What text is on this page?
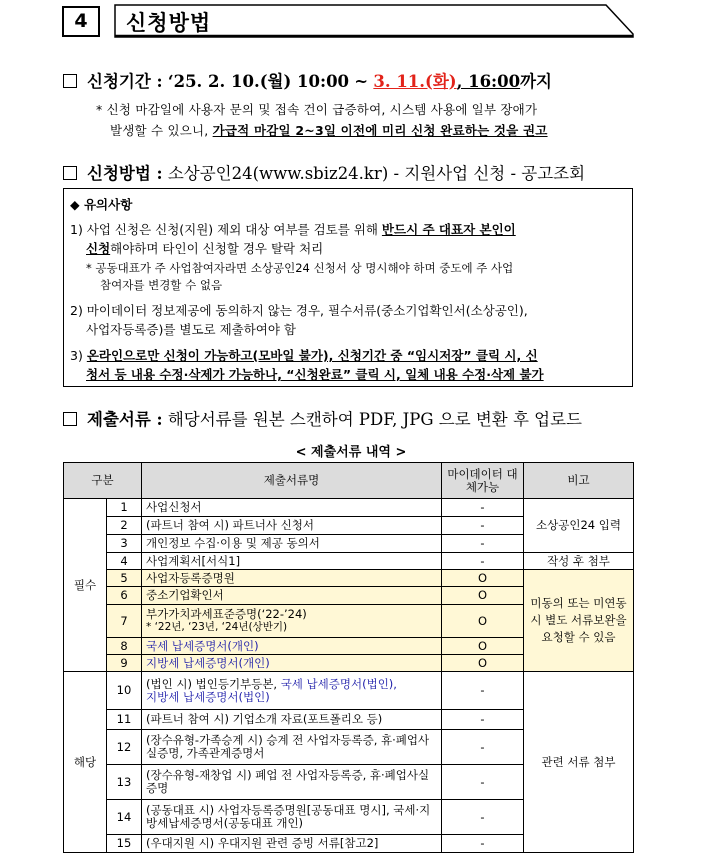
4	신청방법
신청기간 : ‘25. 2. 10.(월) 10:00 ~ 3. 11.(화), 16:00까지
* 신청 마감일에 사용자 문의 및 접속 건이 급증하여, 시스템 사용에 일부 장애가
발생할 수 있으니, 가급적 마감일 2~3일 이전에 미리 신청 완료하는 것을 권고
신청방법 : 소상공인24(www.sbiz24.kr) - 지원사업 신청 - 공고조회
◆ 유의사항
1) 사업 신청은 신청(지원) 제외 대상 여부를 검토를 위해 반드시 주 대표자 본인이
신청해야하며 타인이 신청할 경우 탈락 처리
* 공동대표가 주 사업참여자라면 소상공인24 신청서 상 명시해야 하며 중도에 주 사업
참여자를 변경할 수 없음
2) 마이데이터 정보제공에 동의하지 않는 경우, 필수서류(중소기업확인서(소상공인),
사업자등록증)를 별도로 제출하여야 함
3) 온라인으로만 신청이 가능하고(모바일 불가), 신청기간 중 “임시저장” 클릭 시, 신
청서 등 내용 수정·삭제가 가능하나, “신청완료” 클릭 시, 일체 내용 수정·삭제 불가
제출서류 : 해당서류를 원본 스캔하여 PDF, JPG 으로 변환 후 업로드
< 제출서류 내역 >
구분		제출서류명	마이데이터 대체가능	비고
필수	1	사업신청서	-	소상공인24 입력
	2	(파트너 참여 시) 파트너사 신청서	-	
	3	개인정보 수집·이용 및 제공 동의서	-	
	4	사업계획서[서식1]	-	작성 후 첨부
	5	사업자등록증명원	O	미동의 또는 미연동 시 별도 서류보완을 요청할 수 있음
	6	중소기업확인서	O	
	7	부가가치과세표준증명(‘22-’24)
* ‘22년, ‘23년, ‘24년(상반기)	O	
	8	국세 납세증명서(개인)	O	
	9	지방세 납세증명서(개인)	O	
해당	10	(법인 시) 법인등기부등본, 국세 납세증명서(법인),
지방세 납세증명서(법인)	-	관련 서류 첨부
	11	(파트너 참여 시) 기업소개 자료(포트폴리오 등)	-	
	12	(장수유형-가족승계 시) 승계 전 사업자등록증, 휴·폐업사실증명, 가족관계증명서	-	
	13	(장수유형-재창업 시) 폐업 전 사업자등록증, 휴·폐업사실증명	-	
	14	(공동대표 시) 사업자등록증명원[공동대표 명시], 국세·지방세납세증명서(공동대표 개인)	-	
	15	(우대지원 시) 우대지원 관련 증빙 서류[참고2]	-	
